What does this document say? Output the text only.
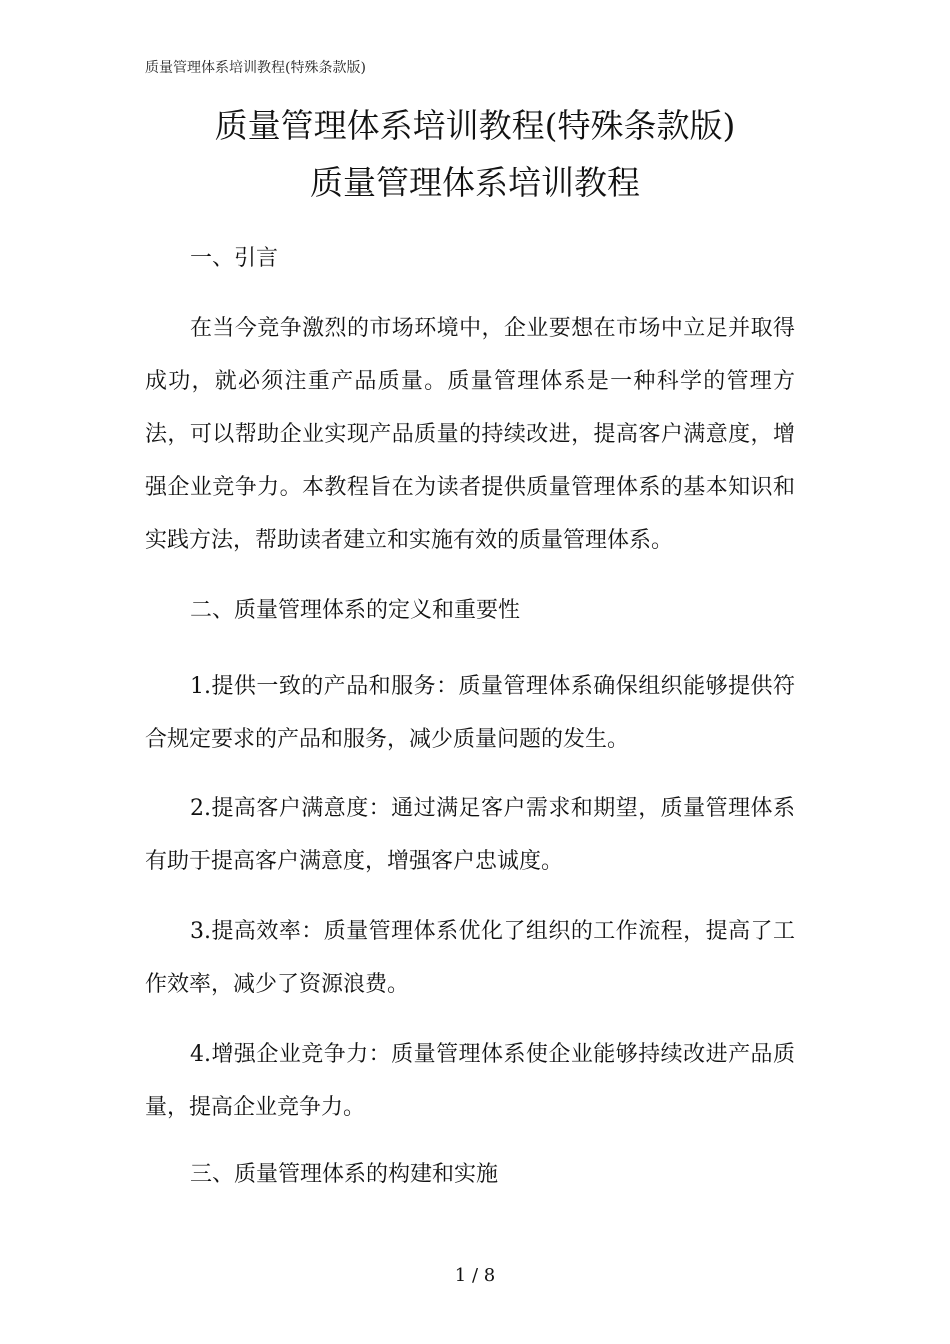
质量管理体系培训教程(特殊条款版)
质量管理体系培训教程(特殊条款版)
质量管理体系培训教程
一、引言

在当今竞争激烈的市场环境中，企业要想在市场中立足并取得成功，就必须注重产品质量。质量管理体系是一种科学的管理方法，可以帮助企业实现产品质量的持续改进，提高客户满意度，增强企业竞争力。本教程旨在为读者提供质量管理体系的基本知识和实践方法，帮助读者建立和实施有效的质量管理体系。

二、质量管理体系的定义和重要性

1.提供一致的产品和服务：质量管理体系确保组织能够提供符合规定要求的产品和服务，减少质量问题的发生。

2.提高客户满意度：通过满足客户需求和期望，质量管理体系有助于提高客户满意度，增强客户忠诚度。

3.提高效率：质量管理体系优化了组织的工作流程，提高了工作效率，减少了资源浪费。

4.增强企业竞争力：质量管理体系使企业能够持续改进产品质量，提高企业竞争力。

三、质量管理体系的构建和实施
1 / 8
